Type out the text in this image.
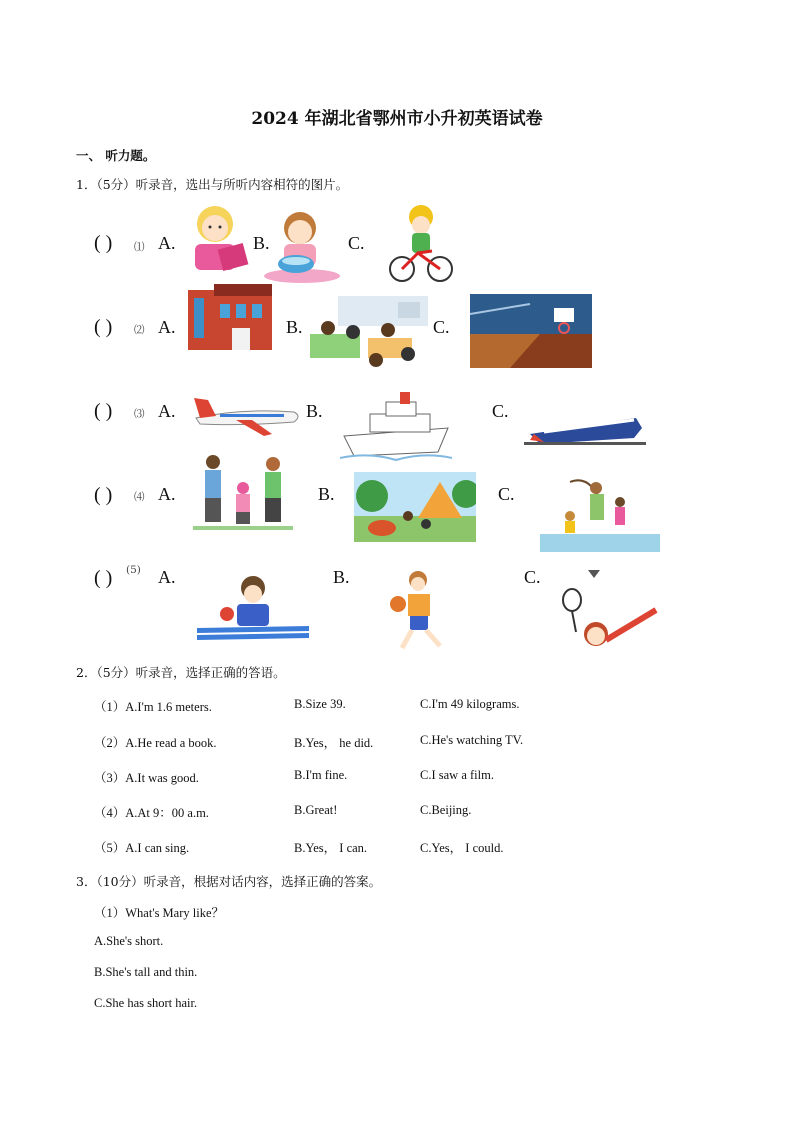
2024 年湖北省鄂州市小升初英语试卷
一、 听力题。
1．（5分）听录音，选出与所听内容相符的图片。
( ) ⑴ A.	B.	C.
( ) ⑵ A.	B.	C.
( ) ⑶ A.	B.	C.
( ) ⑷ A.	B.	C.
( ) (5) A.	B.	C.
2．（5分）听录音，选择正确的答语。
（1）A.I'm 1.6 meters.	B.Size 39.	C.I'm 49 kilograms.
（2）A.He read a book.	B.Yes， he did.	C.He's watching TV.
（3）A.It was good.	B.I'm fine.	C.I saw a film.
（4）A.At 9：00 a.m.	B.Great!	C.Beijing.
（5）A.I can sing.	B.Yes， I can.	C.Yes， I could.
3．（10分）听录音，根据对话内容，选择正确的答案。
（1）What's Mary like？
A.She's short.
B.She's tall and thin.
C.She has short hair.
